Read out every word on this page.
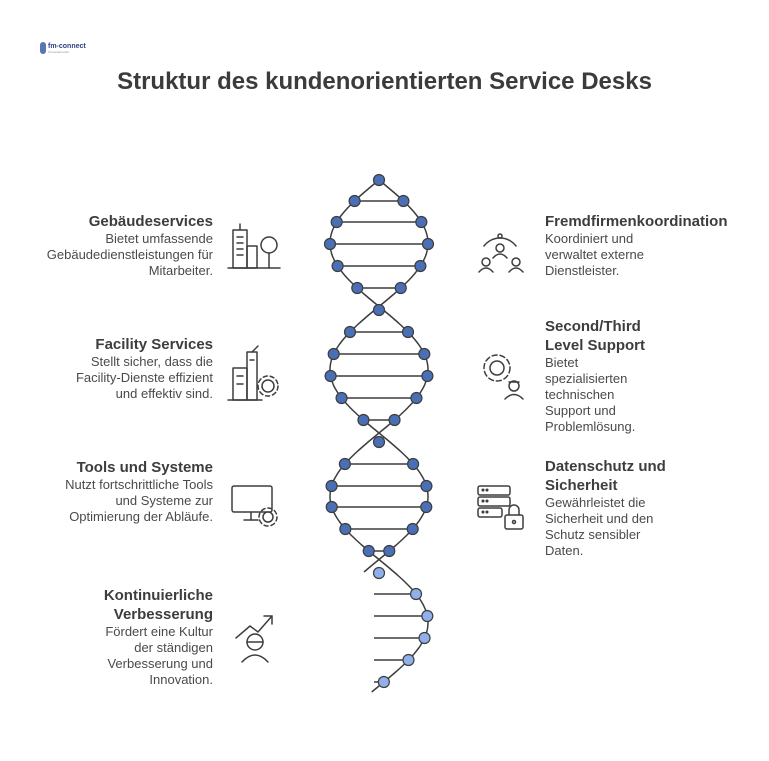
fm-connect
fm.connect.com
Struktur des kundenorientierten Service Desks
Gebäudeservices
Bietet umfassende Gebäudedienstleistungen für Mitarbeiter.
Facility Services
Stellt sicher, dass die Facility-Dienste effizient und effektiv sind.
Tools und Systeme
Nutzt fortschrittliche Tools und Systeme zur Optimierung der Abläufe.
Kontinuierliche Verbesserung
Fördert eine Kultur der ständigen Verbesserung und Innovation.
Fremdfirmenkoordination
Koordiniert und verwaltet externe Dienstleister.
Second/Third Level Support
Bietet spezialisierten technischen Support und Problemlösung.
Datenschutz und Sicherheit
Gewährleistet die Sicherheit und den Schutz sensibler Daten.
